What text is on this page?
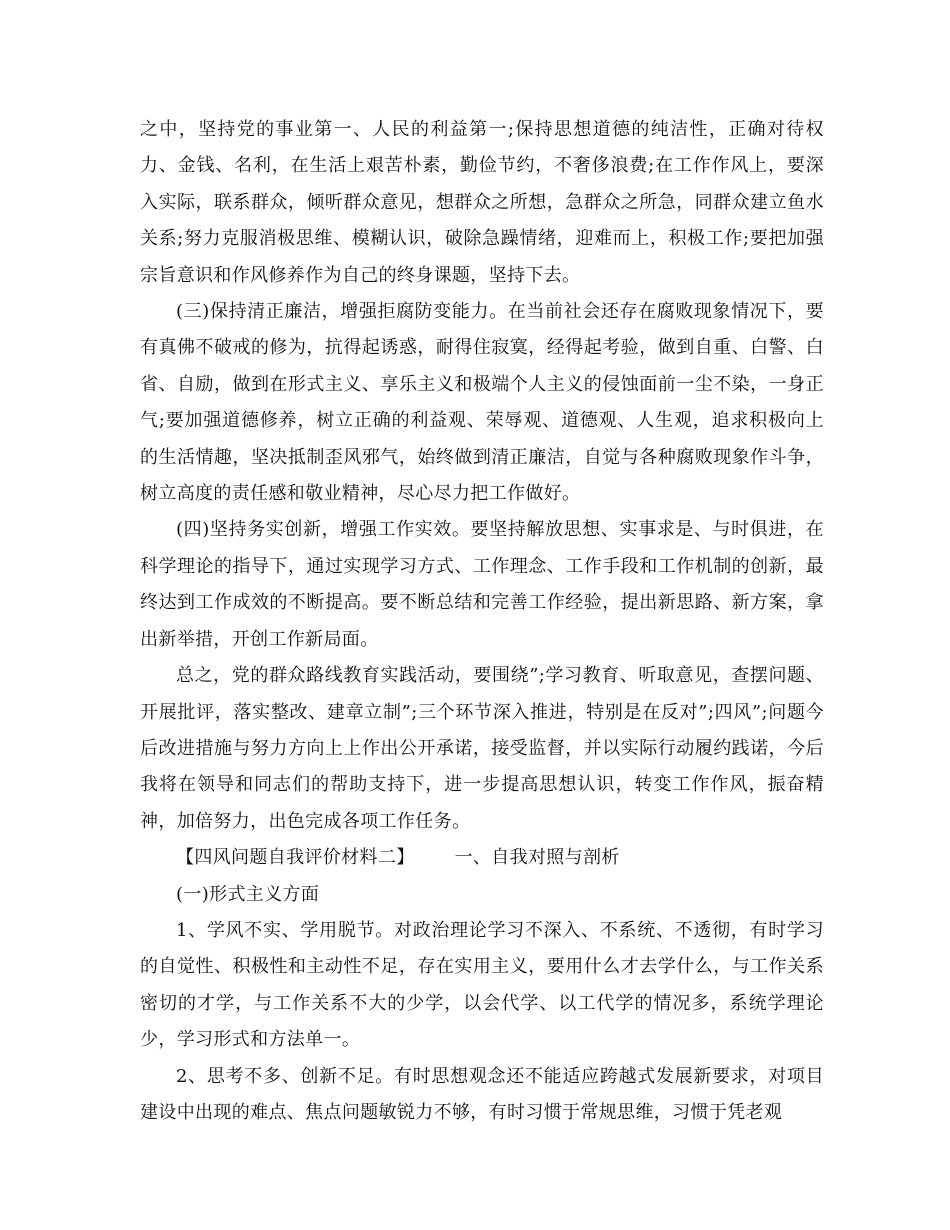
之中，坚持党的事业第一、人民的利益第一;保持思想道德的纯洁性，正确对待权力、金钱、名利，在生活上艰苦朴素，勤俭节约，不奢侈浪费;在工作作风上，要深入实际，联系群众，倾听群众意见，想群众之所想，急群众之所急，同群众建立鱼水关系;努力克服消极思维、模糊认识，破除急躁情绪，迎难而上，积极工作;要把加强宗旨意识和作风修养作为自己的终身课题，坚持下去。

(三)保持清正廉洁，增强拒腐防变能力。在当前社会还存在腐败现象情况下，要有真佛不破戒的修为，抗得起诱惑，耐得住寂寞，经得起考验，做到自重、白警、白省、自励，做到在形式主义、享乐主义和极端个人主义的侵蚀面前一尘不染，一身正气;要加强道德修养，树立正确的利益观、荣辱观、道德观、人生观，追求积极向上的生活情趣，坚决抵制歪风邪气，始终做到清正廉洁，自觉与各种腐败现象作斗争，树立高度的责任感和敬业精神，尽心尽力把工作做好。

(四)坚持务实创新，增强工作实效。要坚持解放思想、实事求是、与时俱进，在科学理论的指导下，通过实现学习方式、工作理念、工作手段和工作机制的创新，最终达到工作成效的不断提高。要不断总结和完善工作经验，提出新思路、新方案，拿出新举措，开创工作新局面。

总之，党的群众路线教育实践活动，要围绕”;学习教育、听取意见，查摆问题、开展批评，落实整改、建章立制”;三个环节深入推进，特别是在反对”;四风”;问题今后改进措施与努力方向上上作出公开承诺，接受监督，并以实际行动履约践诺，今后我将在领导和同志们的帮助支持下，进一步提高思想认识，转变工作作风，振奋精神，加倍努力，出色完成各项工作任务。

【四风问题自我评价材料二】 一、自我对照与剖析

(一)形式主义方面

1、学风不实、学用脱节。对政治理论学习不深入、不系统、不透彻，有时学习的自觉性、积极性和主动性不足，存在实用主义，要用什么才去学什么，与工作关系密切的才学，与工作关系不大的少学，以会代学、以工代学的情况多，系统学理论少，学习形式和方法单一。

2、思考不多、创新不足。有时思想观念还不能适应跨越式发展新要求，对项目建设中出现的难点、焦点问题敏锐力不够，有时习惯于常规思维，习惯于凭老观
